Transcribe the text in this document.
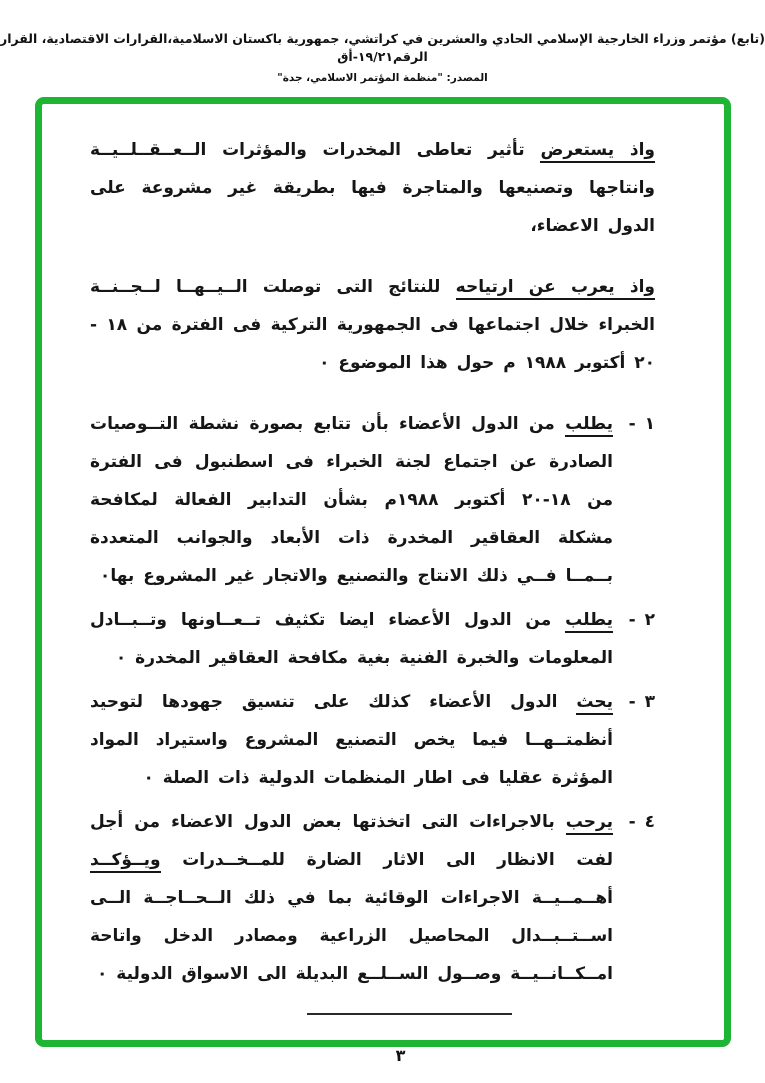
(تابع) مؤتمر وزراء الخارجية الإسلامي الحادي والعشرين في كراتشي، جمهورية باكستان الاسلامية،القرارات الاقتصادية، القرار الرقم١٩/٢١-أق
المصدر: "منظمة المؤتمر الاسلامي، جدة"

واذ يستعرض تأثير تعاطى المخدرات والمؤثرات الــعــقــلــيــة وانتاجها وتصنيعها والمتاجرة فيها بطريقة غير مشروعة على الدول الاعضاء،

واذ يعرب عن ارتياحه للنتائج التى توصلت الــيــهــا لــجــنــة الخبراء خلال اجتماعها فى الجمهورية التركية فى الفترة من ١٨ - ٢٠ أكتوبر ١٩٨٨ م حول هذا الموضوع ٠

١ -
يطلب من الدول الأعضاء بأن تتابع بصورة نشطة التــوصيات الصادرة عن اجتماع لجنة الخبراء فى اسطنبول فى الفترة من ١٨-٢٠ أكتوبر ١٩٨٨م بشأن التدابير الفعالة لمكافحة مشكلة العقاقير المخدرة ذات الأبعاد والجوانب المتعددة بــمــا فــي ذلك الانتاج والتصنيع والاتجار غير المشروع بها٠
٢ -
يطلب من الدول الأعضاء ايضا تكثيف تــعــاونها وتــبــادل المعلومات والخبرة الفنية بغية مكافحة العقاقير المخدرة ٠
٣ -
يحث الدول الأعضاء كذلك على تنسيق جهودها لتوحيد أنظمتــهــا فيما يخص التصنيع المشروع واستيراد المواد المؤثرة عقليا فى اطار المنظمات الدولية ذات الصلة ٠
٤ -
يرحب بالاجراءات التى اتخذتها بعض الدول الاعضاء من أجل لفت الانظار الى الاثار الضارة للمــخــدرات ويــؤكــد أهــمــيــة الاجراءات الوقائية بما في ذلك الــحــاجــة الــى اســتــبــدال المحاصيل الزراعية ومصادر الدخل واتاحة امــكــانــيــة وصــول الســلــع البديلة الى الاسواق الدولية ٠
٣
